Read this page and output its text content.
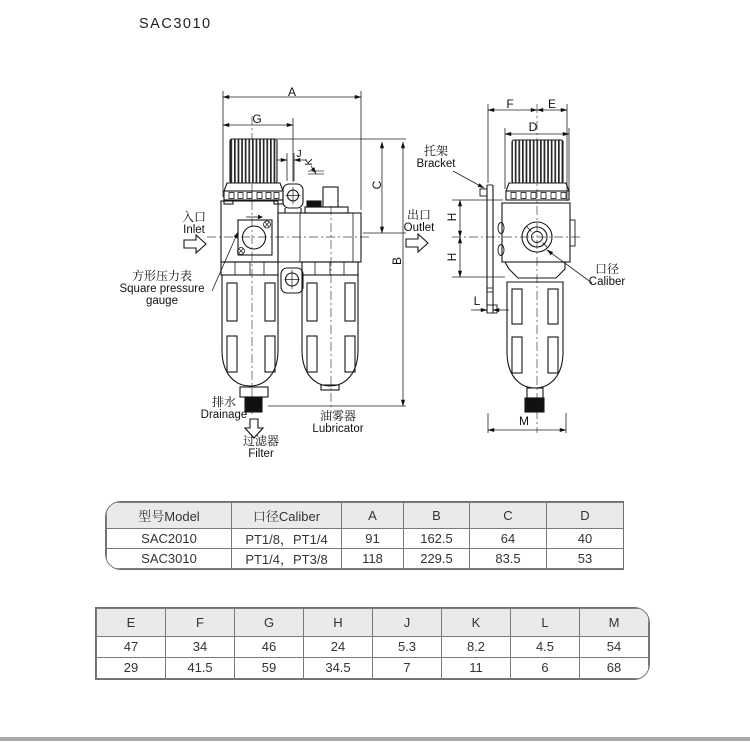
SAC3010
A
G
C
B
J
K
F	E
D
H
H
L
M
入口
Inlet
出口
Outlet
方形压力表
Square pressure gauge
托架
Bracket
口径
Caliber
排水
Drainage	油雾器
Lubricator
过滤器
Filter
型号Model	口径Caliber	A	B	C	D
SAC2010	PT1/8，PT1/4	91	162.5	64	40
SAC3010	PT1/4，PT3/8	118	229.5	83.5	53
E	F	G	H	J	K	L	M
47	34	46	24	5.3	8.2	4.5	54
29	41.5	59	34.5	7	11	6	68
